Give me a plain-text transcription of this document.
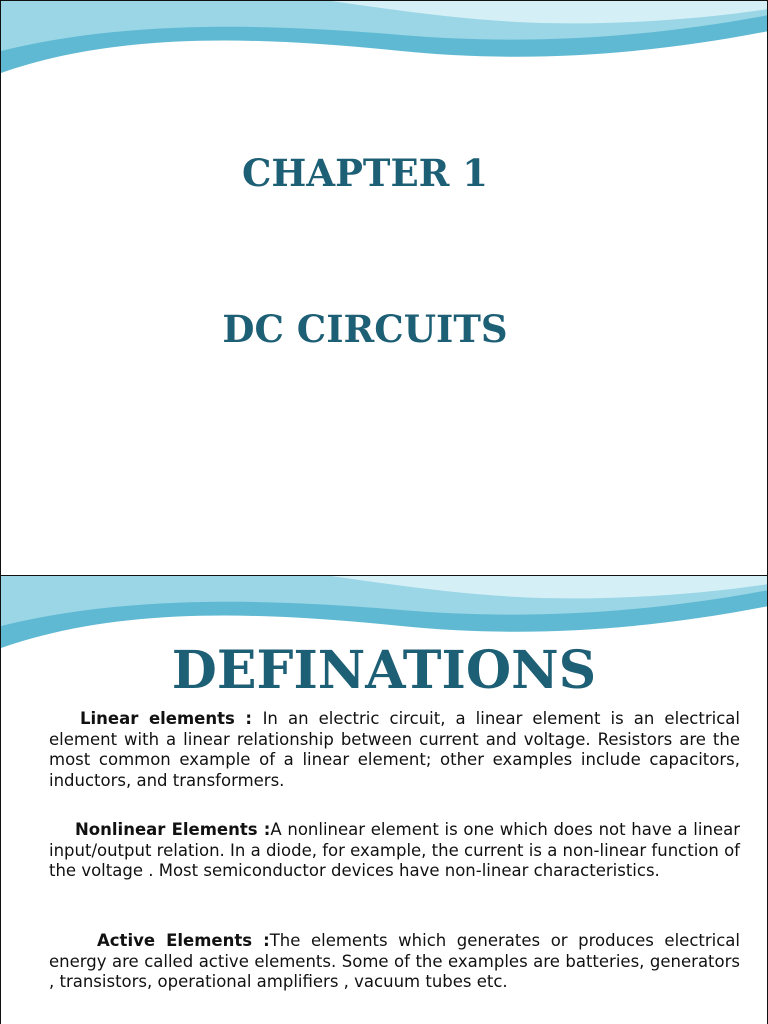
CHAPTER 1
DC CIRCUITS
DEFINATIONS

Linear elements : In an electric circuit, a linear element is an electrical element with a linear relationship between current and voltage. Resistors are the most common example of a linear element; other examples include capacitors, inductors, and transformers.

Nonlinear Elements :A nonlinear element is one which does not have a linear input/output relation. In a diode, for example, the current is a non-linear function of the voltage . Most semiconductor devices have non-linear characteristics.

Active Elements :The elements which generates or produces electrical energy are called active elements. Some of the examples are batteries, generators , transistors, operational amplifiers , vacuum tubes etc.
